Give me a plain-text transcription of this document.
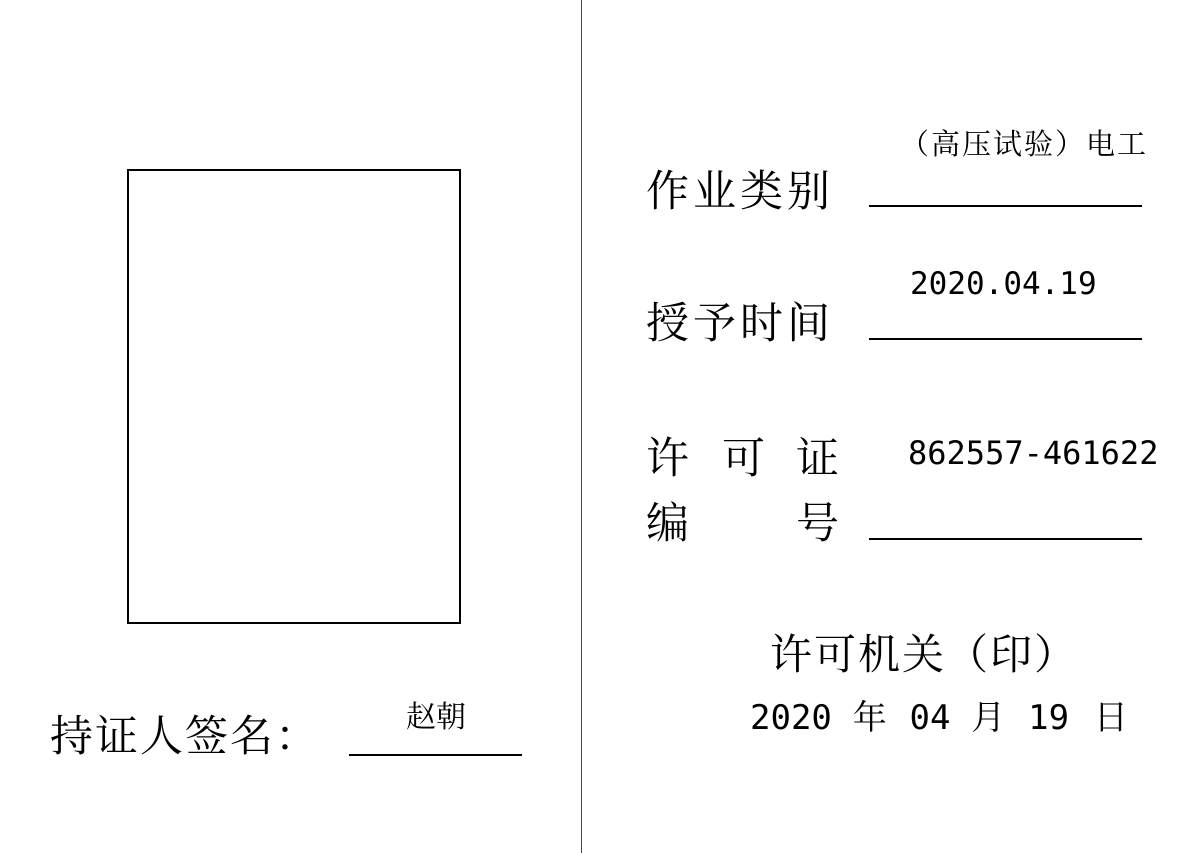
持证人签名：	赵朝
作业类别
（高压试验）电工
授予时间
2020.04.19
许 可 证
编 号
862557-461622
许可机关（印）
2020 年 04 月 19 日
